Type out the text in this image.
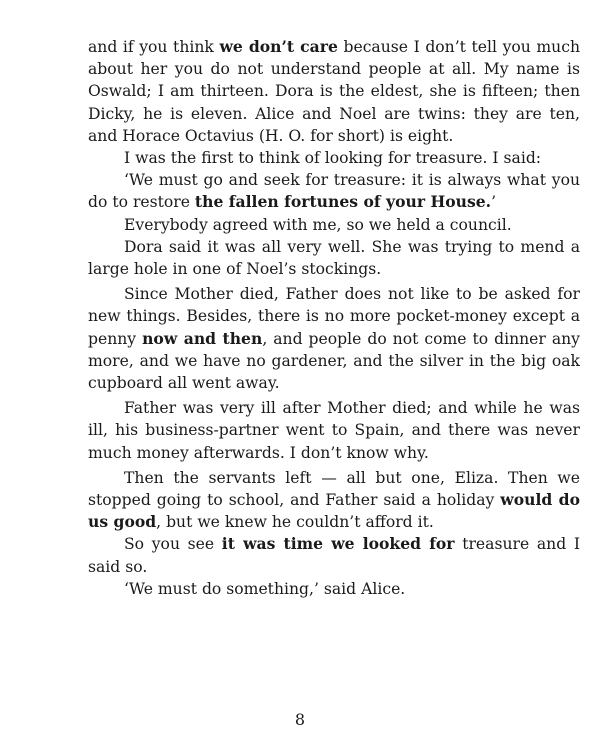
and if you think we don’t care because I don’t tell you much about her you do not understand people at all. My name is Oswald; I am thirteen. Dora is the eldest, she is fifteen; then Dicky, he is eleven. Alice and Noel are twins: they are ten, and Horace Octavius (H. O. for short) is eight.

I was the first to think of looking for treasure. I said:

‘We must go and seek for treasure: it is always what you do to restore the fallen fortunes of your House.’

Everybody agreed with me, so we held a council.

Dora said it was all very well. She was trying to mend a large hole in one of Noel’s stockings.

Since Mother died, Father does not like to be asked for new things. Besides, there is no more pocket-money except a penny now and then, and people do not come to dinner any more, and we have no gardener, and the silver in the big oak cupboard all went away.

Father was very ill after Mother died; and while he was ill, his business-partner went to Spain, and there was never much money afterwards. I don’t know why.

Then the servants left — all but one, Eliza. Then we stopped going to school, and Father said a holiday would do us good, but we knew he couldn’t afford it.

So you see it was time we looked for treasure and I said so.

‘We must do something,’ said Alice.

8
